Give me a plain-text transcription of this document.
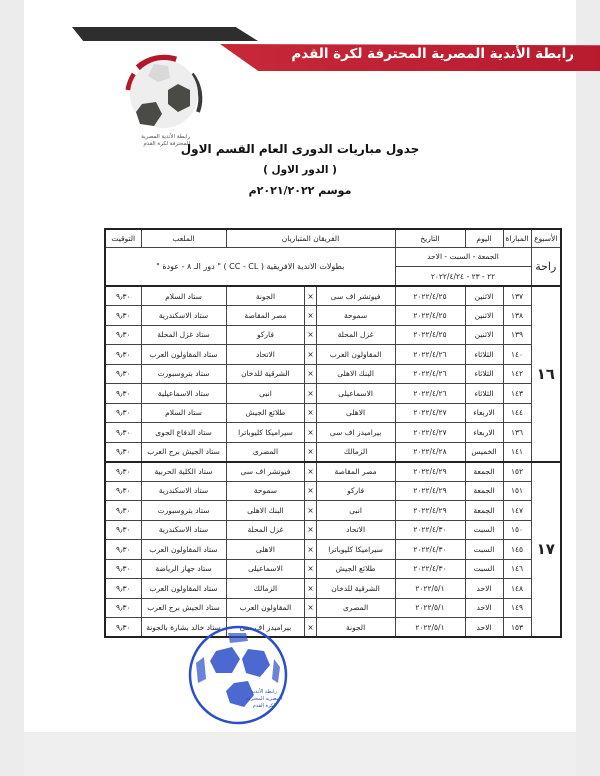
رابطة الأندية المصرية المحترفة لكرة القدم
رابطة الأندية المصرية المحترفة لكرة القدم
جدول مباريات الدورى العام القسم الاول
( الدور الاول )
موسم ٢٠٢١/٢٠٢٢م
الأسبوع	المباراة	اليوم	التاريخ	الفريقان المتباريان			الملعب	التوقيت
راحة	الجمعة - السبت - الاحد			بطولات الاندية الافريقية ( CC - CL ) " دور الـ ٨ - عودة "				
	٢٢ - ٢٣ - ٢٠٢٢/٤/٢٤							
١٦	١٣٧	الاثنين	٢٠٢٢/٤/٢٥	فيوتشر اف سى	×	الجونة	ستاد السلام	٩٫٣٠
	١٣٨	الاثنين	٢٠٢٢/٤/٢٥	سموحة	×	مصر المقاصة	ستاد الاسكندرية	٩٫٣٠
	١٣٩	الاثنين	٢٠٢٢/٤/٢٥	غزل المحلة	×	فاركو	ستاد غزل المحلة	٩٫٣٠
	١٤٠	الثلاثاء	٢٠٢٢/٤/٢٦	المقاولون العرب	×	الاتحاد	ستاد المقاولون العرب	٩٫٣٠
	١٤٢	الثلاثاء	٢٠٢٢/٤/٢٦	البنك الاهلى	×	الشرقية للدخان	ستاد بتروسبورت	٩٫٣٠
	١٤٣	الثلاثاء	٢٠٢٢/٤/٢٦	الاسماعيلى	×	انبى	ستاد الاسماعيلية	٩٫٣٠
	١٤٤	الاربعاء	٢٠٢٢/٤/٢٧	الاهلى	×	طلائع الجيش	ستاد السلام	٩٫٣٠
	١٣٦	الاربعاء	٢٠٢٢/٤/٢٧	بيراميدز اف سى	×	سيراميكا كليوباترا	ستاد الدفاع الجوى	٩٫٣٠
	١٤١	الخميس	٢٠٢٢/٤/٢٨	الزمالك	×	المصرى	ستاد الجيش برج العرب	٩٫٣٠
١٧	١٥٢	الجمعة	٢٠٢٢/٤/٢٩	مصر المقاصة	×	فيوتشر اف سى	ستاد الكلية الحربية	٩٫٣٠
	١٥١	الجمعة	٢٠٢٢/٤/٢٩	فاركو	×	سموحة	ستاد الاسكندرية	٩٫٣٠
	١٤٧	الجمعة	٢٠٢٢/٤/٢٩	انبى	×	البنك الاهلى	ستاد بتروسبورت	٩٫٣٠
	١٥٠	السبت	٢٠٢٢/٤/٣٠	الاتحاد	×	غزل المحلة	ستاد الاسكندرية	٩٫٣٠
	١٤٥	السبت	٢٠٢٢/٤/٣٠	سيراميكا كليوباترا	×	الاهلى	ستاد المقاولون العرب	٩٫٣٠
	١٤٦	السبت	٢٠٢٢/٤/٣٠	طلائع الجيش	×	الاسماعيلى	ستاد جهاز الرياضة	٩٫٣٠
	١٤٨	الاحد	٢٠٢٢/٥/١	الشرقية للدخان	×	الزمالك	ستاد المقاولون العرب	٩٫٣٠
	١٤٩	الاحد	٢٠٢٢/٥/١	المصرى	×	المقاولون العرب	ستاد الجيش برج العرب	٩٫٣٠
	١٥٣	الاحد	٢٠٢٢/٥/١	الجونة	×	بيراميدز اف سى	ستاد خالد بشارة بالجونة	٩٫٣٠
رابطة الأندية
المصرية المحترفة
لكرة القدم
